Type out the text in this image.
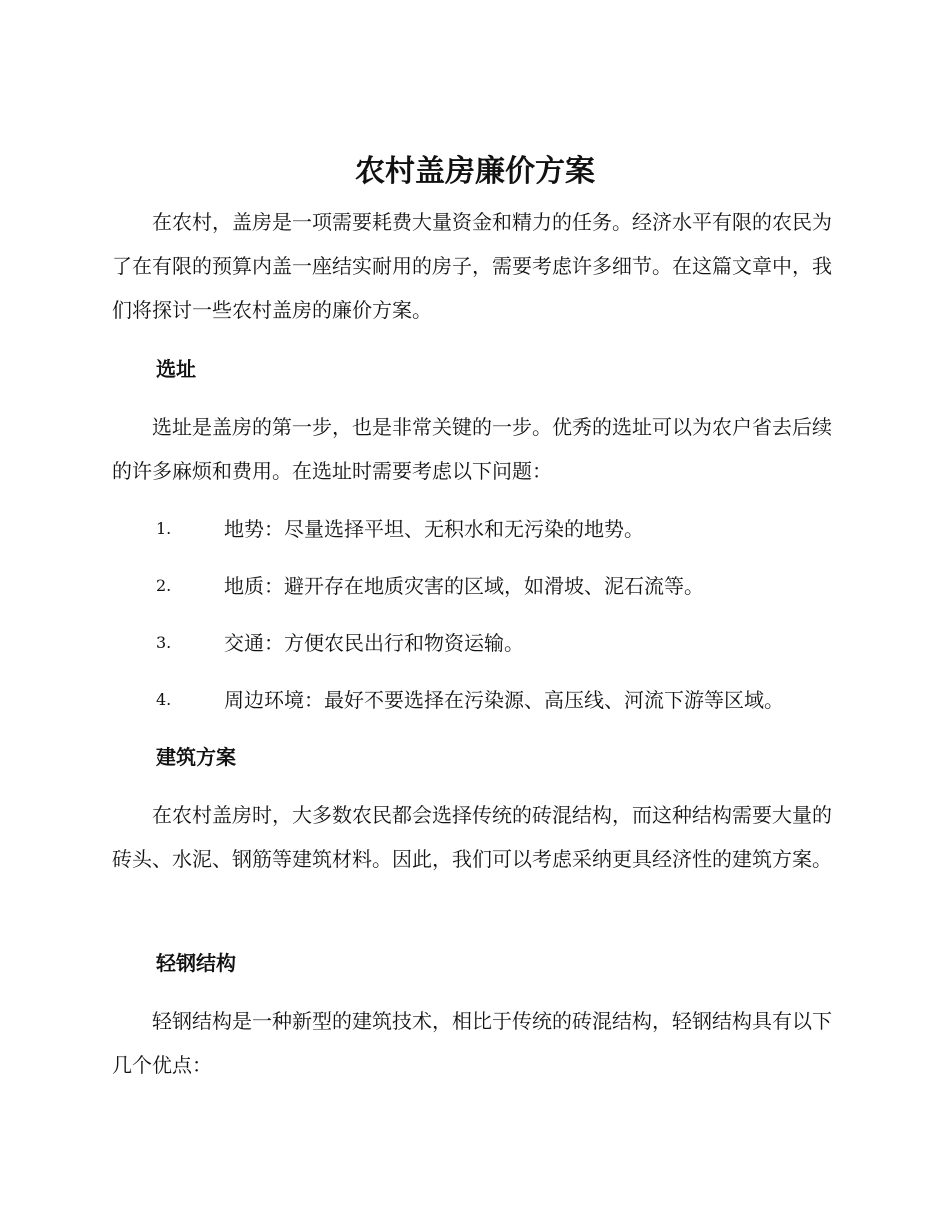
农村盖房廉价方案

在农村，盖房是一项需要耗费大量资金和精力的任务。经济水平有限的农民为了在有限的预算内盖一座结实耐用的房子，需要考虑许多细节。在这篇文章中，我们将探讨一些农村盖房的廉价方案。

选址

选址是盖房的第一步，也是非常关键的一步。优秀的选址可以为农户省去后续的许多麻烦和费用。在选址时需要考虑以下问题：

1.	地势：尽量选择平坦、无积水和无污染的地势。
2.	地质：避开存在地质灾害的区域，如滑坡、泥石流等。
3.	交通：方便农民出行和物资运输。
4.	周边环境：最好不要选择在污染源、高压线、河流下游等区域。
建筑方案

在农村盖房时，大多数农民都会选择传统的砖混结构，而这种结构需要大量的砖头、水泥、钢筋等建筑材料。因此，我们可以考虑采纳更具经济性的建筑方案。

轻钢结构

轻钢结构是一种新型的建筑技术，相比于传统的砖混结构，轻钢结构具有以下几个优点：
